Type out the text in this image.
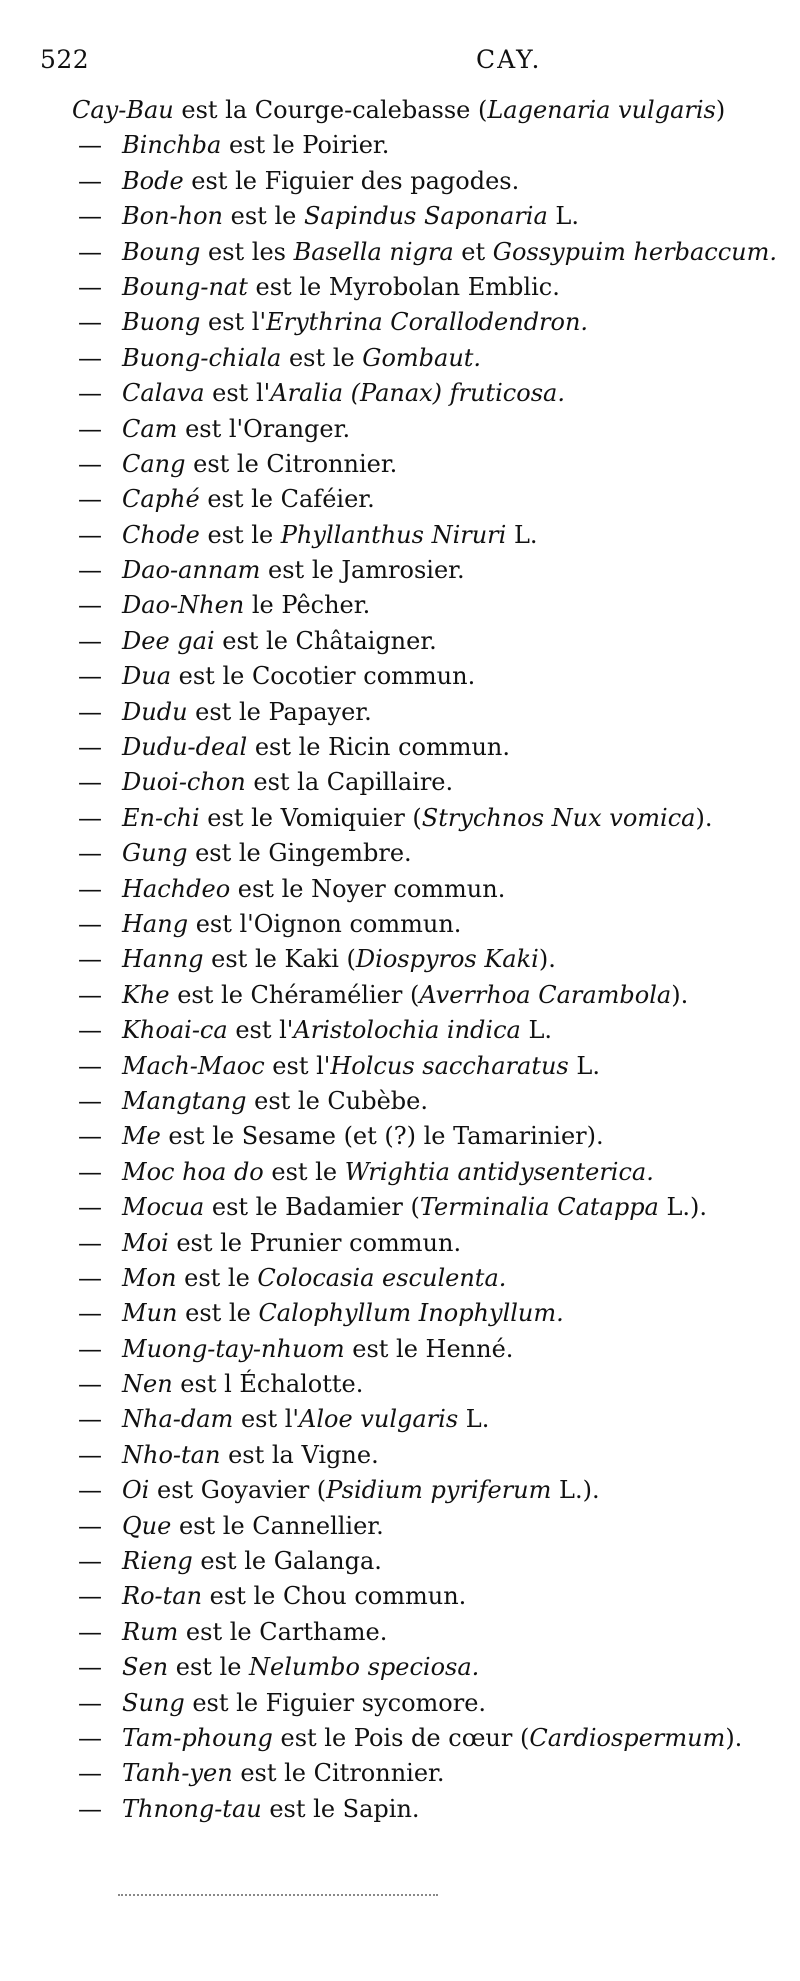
522	CAY.
Cay-Bau est la Courge-calebasse (Lagenaria vulgaris)
— Binchba est le Poirier.
— Bode est le Figuier des pagodes.
— Bon-hon est le Sapindus Saponaria L.
— Boung est les Basella nigra et Gossypuim herbaccum.
— Boung-nat est le Myrobolan Emblic.
— Buong est l'Erythrina Corallodendron.
— Buong-chiala est le Gombaut.
— Calava est l'Aralia (Panax) fruticosa.
— Cam est l'Oranger.
— Cang est le Citronnier.
— Caphé est le Caféier.
— Chode est le Phyllanthus Niruri L.
— Dao-annam est le Jamrosier.
— Dao-Nhen le Pêcher.
— Dee gai est le Châtaigner.
— Dua est le Cocotier commun.
— Dudu est le Papayer.
— Dudu-deal est le Ricin commun.
— Duoi-chon est la Capillaire.
— En-chi est le Vomiquier (Strychnos Nux vomica).
— Gung est le Gingembre.
— Hachdeo est le Noyer commun.
— Hang est l'Oignon commun.
— Hanng est le Kaki (Diospyros Kaki).
— Khe est le Chéramélier (Averrhoa Carambola).
— Khoai-ca est l'Aristolochia indica L.
— Mach-Maoc est l'Holcus saccharatus L.
— Mangtang est le Cubèbe.
— Me est le Sesame (et (?) le Tamarinier).
— Moc hoa do est le Wrightia antidysenterica.
— Mocua est le Badamier (Terminalia Catappa L.).
— Moi est le Prunier commun.
— Mon est le Colocasia esculenta.
— Mun est le Calophyllum Inophyllum.
— Muong-tay-nhuom est le Henné.
— Nen est l Échalotte.
— Nha-dam est l'Aloe vulgaris L.
— Nho-tan est la Vigne.
— Oi est Goyavier (Psidium pyriferum L.).
— Que est le Cannellier.
— Rieng est le Galanga.
— Ro-tan est le Chou commun.
— Rum est le Carthame.
— Sen est le Nelumbo speciosa.
— Sung est le Figuier sycomore.
— Tam-phoung est le Pois de cœur (Cardiospermum).
— Tanh-yen est le Citronnier.
— Thnong-tau est le Sapin.
